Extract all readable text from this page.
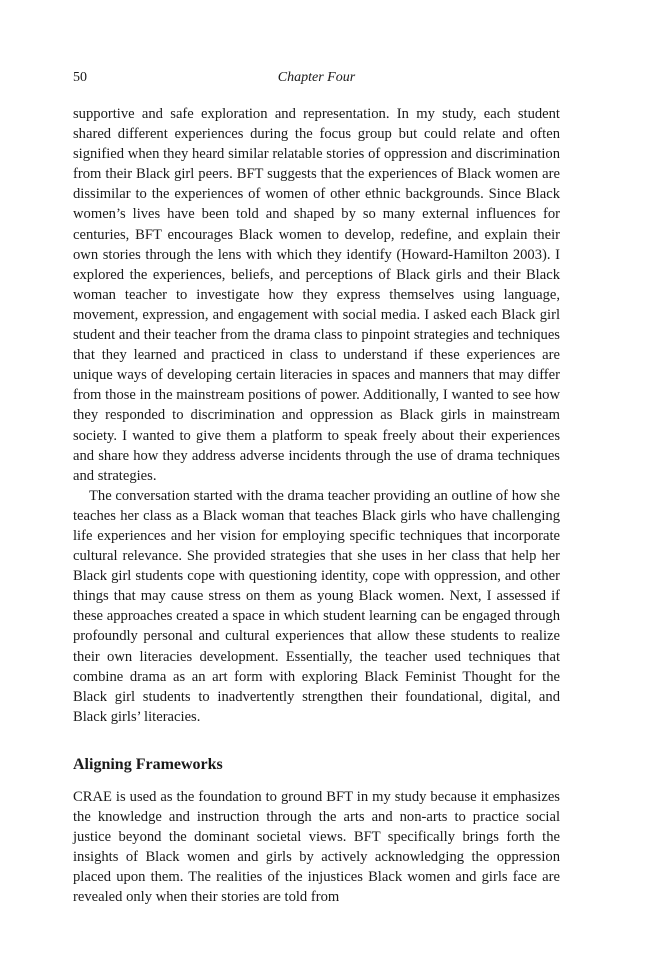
50	Chapter Four

supportive and safe exploration and representation. In my study, each student shared different experiences during the focus group but could relate and often signified when they heard similar relatable stories of oppression and discrimination from their Black girl peers. BFT suggests that the experiences of Black women are dissimilar to the experiences of women of other ethnic backgrounds. Since Black women’s lives have been told and shaped by so many external influences for centuries, BFT encourages Black women to develop, redefine, and explain their own stories through the lens with which they identify (Howard-Hamilton 2003). I explored the experiences, beliefs, and perceptions of Black girls and their Black woman teacher to investigate how they express themselves using language, movement, expression, and engagement with social media. I asked each Black girl student and their teacher from the drama class to pinpoint strategies and techniques that they learned and practiced in class to understand if these experiences are unique ways of developing certain literacies in spaces and manners that may differ from those in the mainstream positions of power. Additionally, I wanted to see how they responded to discrimination and oppression as Black girls in mainstream society. I wanted to give them a platform to speak freely about their experiences and share how they address adverse incidents through the use of drama techniques and strategies.

The conversation started with the drama teacher providing an outline of how she teaches her class as a Black woman that teaches Black girls who have challenging life experiences and her vision for employing specific techniques that incorporate cultural relevance. She provided strategies that she uses in her class that help her Black girl students cope with questioning identity, cope with oppression, and other things that may cause stress on them as young Black women. Next, I assessed if these approaches created a space in which student learning can be engaged through profoundly personal and cultural experiences that allow these students to realize their own literacies development. Essentially, the teacher used techniques that combine drama as an art form with exploring Black Feminist Thought for the Black girl students to inadvertently strengthen their foundational, digital, and Black girls’ literacies.

Aligning Frameworks

CRAE is used as the foundation to ground BFT in my study because it emphasizes the knowledge and instruction through the arts and non-arts to practice social justice beyond the dominant societal views. BFT specifically brings forth the insights of Black women and girls by actively acknowledging the oppression placed upon them. The realities of the injustices Black women and girls face are revealed only when their stories are told from
